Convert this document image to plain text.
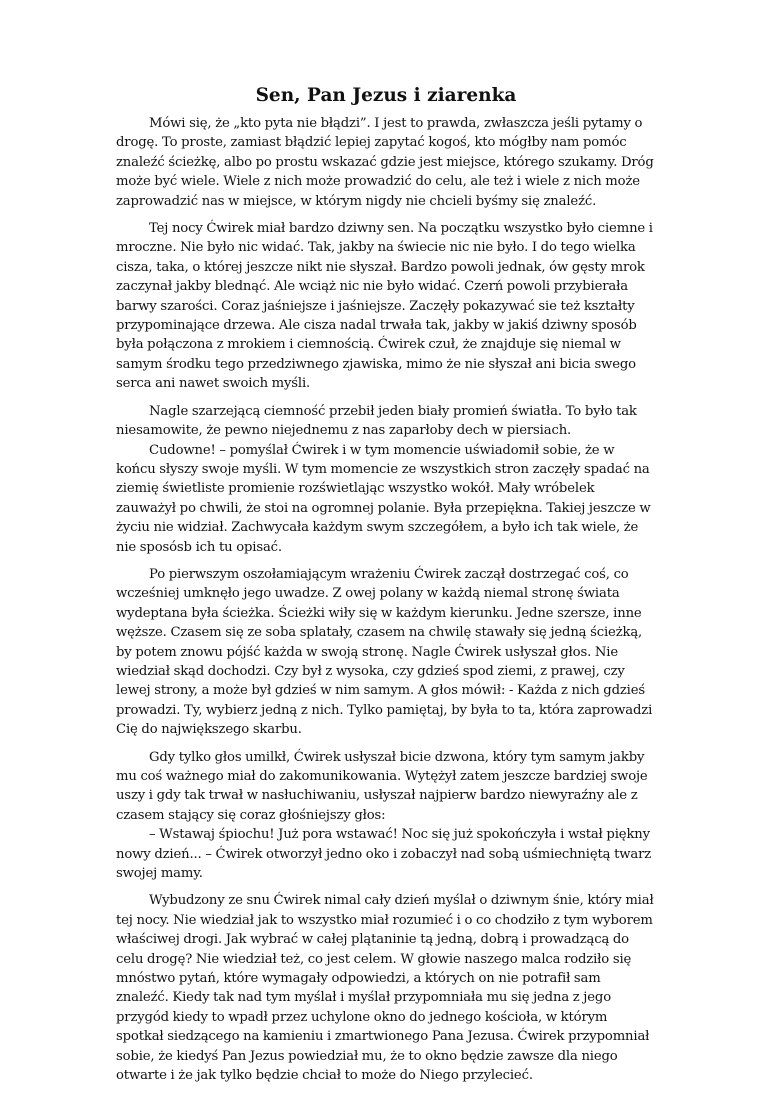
Sen, Pan Jezus i ziarenka

Mówi się, że „kto pyta nie błądzi”. I jest to prawda, zwłaszcza jeśli pytamy o drogę. To proste, zamiast błądzić lepiej zapytać kogoś, kto mógłby nam pomóc znaleźć ścieżkę, albo po prostu wskazać gdzie jest miejsce, którego szukamy. Dróg może być wiele. Wiele z nich może prowadzić do celu, ale też i wiele z nich może zaprowadzić nas w miejsce, w którym nigdy nie chcieli byśmy się znaleźć.

Tej nocy Ćwirek miał bardzo dziwny sen. Na początku wszystko było ciemne i mroczne. Nie było nic widać. Tak, jakby na świecie nic nie było. I do tego wielka cisza, taka, o której jeszcze nikt nie słyszał. Bardzo powoli jednak, ów gęsty mrok zaczynał jakby blednąć. Ale wciąż nic nie było widać. Czerń powoli przybierała barwy szarości. Coraz jaśniejsze i jaśniejsze. Zaczęły pokazywać sie też kształty przypominające drzewa. Ale cisza nadal trwała tak, jakby w jakiś dziwny sposób była połączona z mrokiem i ciemnością. Ćwirek czuł, że znajduje się niemal w samym środku tego przedziwnego zjawiska, mimo że nie słyszał ani bicia swego serca ani nawet swoich myśli.

Nagle szarzejącą ciemność przebił jeden biały promień światła. To było tak niesamowite, że pewno niejednemu z nas zaparłoby dech w piersiach.

Cudowne! – pomyślał Ćwirek i w tym momencie uświadomił sobie, że w końcu słyszy swoje myśli. W tym momencie ze wszystkich stron zaczęły spadać na ziemię świetliste promienie rozświetlając wszystko wokół. Mały wróbelek zauważył po chwili, że stoi na ogromnej polanie. Była przepiękna. Takiej jeszcze w życiu nie widział. Zachwycała każdym swym szczegółem, a było ich tak wiele, że nie sposósb ich tu opisać.

Po pierwszym oszołamiającym wrażeniu Ćwirek zaczął dostrzegać coś, co wcześniej umknęło jego uwadze. Z owej polany w każdą niemal stronę świata wydeptana była ścieżka. Ścieżki wiły się w każdym kierunku. Jedne szersze, inne węższe. Czasem się ze soba splatały, czasem na chwilę stawały się jedną ścieżką, by potem znowu pójść każda w swoją stronę. Nagle Ćwirek usłyszał głos. Nie wiedział skąd dochodzi. Czy był z wysoka, czy gdzieś spod ziemi, z prawej, czy lewej strony, a może był gdzieś w nim samym. A głos mówił: - Każda z nich gdzieś prowadzi. Ty, wybierz jedną z nich. Tylko pamiętaj, by była to ta, która zaprowadzi Cię do największego skarbu.

Gdy tylko głos umilkł, Ćwirek usłyszał bicie dzwona, który tym samym jakby mu coś ważnego miał do zakomunikowania. Wytężył zatem jeszcze bardziej swoje uszy i gdy tak trwał w nasłuchiwaniu, usłyszał najpierw bardzo niewyraźny ale z czasem stający się coraz głośniejszy głos:

– Wstawaj śpiochu! Już pora wstawać! Noc się już spokończyła i wstał piękny nowy dzień... – Ćwirek otworzył jedno oko i zobaczył nad sobą uśmiechniętą twarz swojej mamy.

Wybudzony ze snu Ćwirek nimal cały dzień myślał o dziwnym śnie, który miał tej nocy. Nie wiedział jak to wszystko miał rozumieć i o co chodziło z tym wyborem właściwej drogi. Jak wybrać w całej plątaninie tą jedną, dobrą i prowadzącą do celu drogę? Nie wiedział też, co jest celem. W głowie naszego malca rodziło się mnóstwo pytań, które wymagały odpowiedzi, a których on nie potrafił sam znaleźć. Kiedy tak nad tym myślał i myślał przypomniała mu się jedna z jego przygód kiedy to wpadł przez uchylone okno do jednego kościoła, w którym spotkał siedzącego na kamieniu i zmartwionego Pana Jezusa. Ćwirek przypomniał sobie, że kiedyś Pan Jezus powiedział mu, że to okno będzie zawsze dla niego otwarte i że jak tylko będzie chciał to może do Niego przylecieć.
